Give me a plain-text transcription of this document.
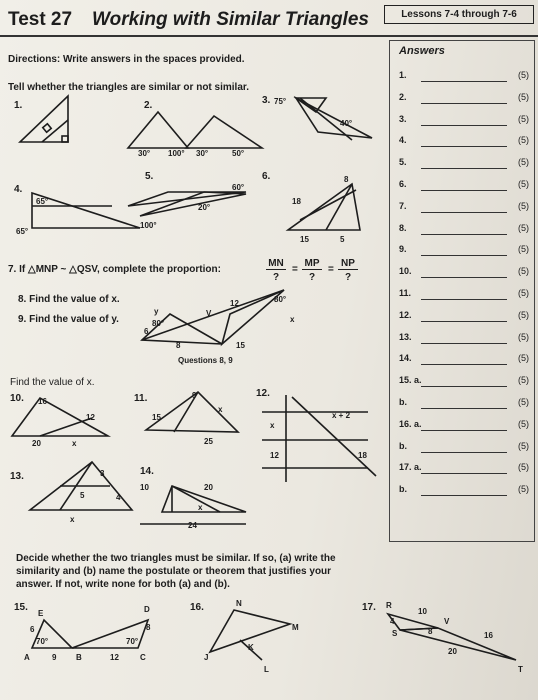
Test 27 Working with Similar Triangles	Lessons 7-4 through 7-6
Directions: Write answers in the spaces provided.
Tell whether the triangles are similar or not similar.
Answers
1.	(5)
2.	(5)
3.	(5)
4.	(5)
5.	(5)
6.	(5)
7.	(5)
8.	(5)
9.	(5)
10.	(5)
11.	(5)
12.	(5)
13.	(5)
14.	(5)
15. a.	(5)
b.	(5)
16. a.	(5)
b.	(5)
17. a.	(5)
b.	(5)
1.	2.	3.
4.
5.	6.
7. If △MNP ~ △QSV, complete the proportion:
MN
?
=
MP
?
=
NP
?
8. Find the value of x.
9. Find the value of y.
Questions 8, 9
Find the value of x.
10.	11.	12.
13.	14.
Decide whether the two triangles must be similar. If so, (a) write the similarity and (b) name the postulate or theorem that justifies your answer. If not, write none for both (a) and (b).
15.	16.	17.
75°
40°
30° 100° 30°	50°
65°
65°
60°
20°
100°
8
18
15	5
12	80°
80°
6
8	15
V
x
y
16
12
20	x
9
15
25
x
x
x + 2
12	18
3
5	4
x
10	20
x
24
E	D
A	B	C
6	8
9	12
70°	70°
N
M
K
J
L
R
S
V
T
10
4
8	16
20
